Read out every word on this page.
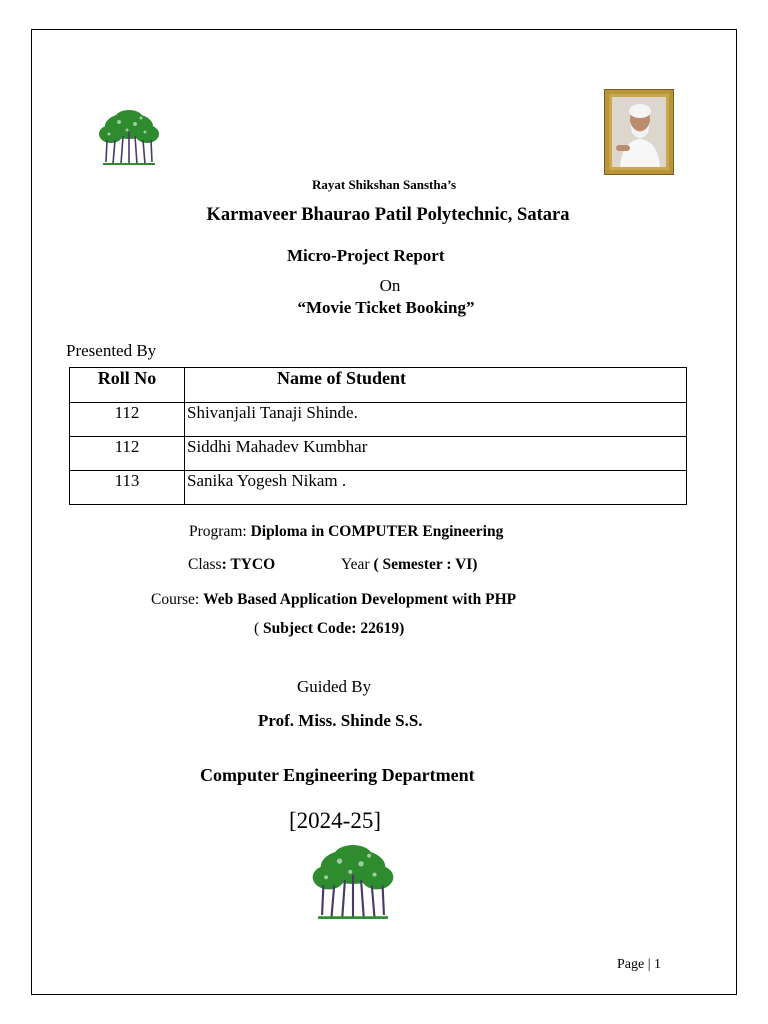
Rayat Shikshan Sanstha’s
Karmaveer Bhaurao Patil Polytechnic, Satara
Micro-Project Report
On
“Movie Ticket Booking”
Presented By
Roll No	Name of Student
112	Shivanjali Tanaji Shinde.
112	Siddhi Mahadev Kumbhar
113	Sanika Yogesh Nikam .
Program: Diploma in COMPUTER Engineering
Class: TYCO	Year ( Semester : VI)
Course: Web Based Application Development with PHP
( Subject Code: 22619)
Guided By
Prof. Miss. Shinde S.S.
Computer Engineering Department
[2024-25]
Page | 1
